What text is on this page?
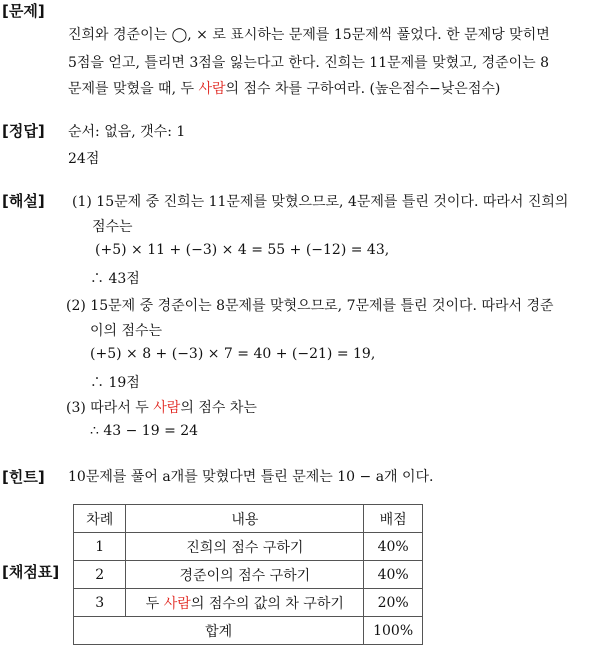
[문제]
[정답]
[해설]
[힌트]
[채점표]
진희와 경준이는 ◯, × 로 표시하는 문제를 15문제씩 풀었다. 한 문제당 맞히면
5점을 얻고, 틀리면 3점을 잃는다고 한다. 진희는 11문제를 맞혔고, 경준이는 8
문제를 맞혔을 때, 두 사람의 점수 차를 구하여라. (높은점수−낮은점수)
순서: 없음, 갯수: 1
24점
(1) 15문제 중 진희는 11문제를 맞혔으므로, 4문제를 틀린 것이다. 따라서 진희의
점수는
(+5) × 11 + (−3) × 4 = 55 + (−12) = 43,
∴ 43점
(2) 15문제 중 경준이는 8문제를 맞혓으므로, 7문제를 틀린 것이다. 따라서 경준
이의 점수는
(+5) × 8 + (−3) × 7 = 40 + (−21) = 19,
∴ 19점
(3) 따라서 두 사람의 점수 차는
∴ 43 − 19 = 24
10문제를 풀어 a개를 맞혔다면 틀린 문제는 10 − a개 이다.
차례	내용	배점
1	진희의 점수 구하기	40%
2	경준이의 점수 구하기	40%
3	두 사람의 점수의 값의 차 구하기	20%
합계		100%
